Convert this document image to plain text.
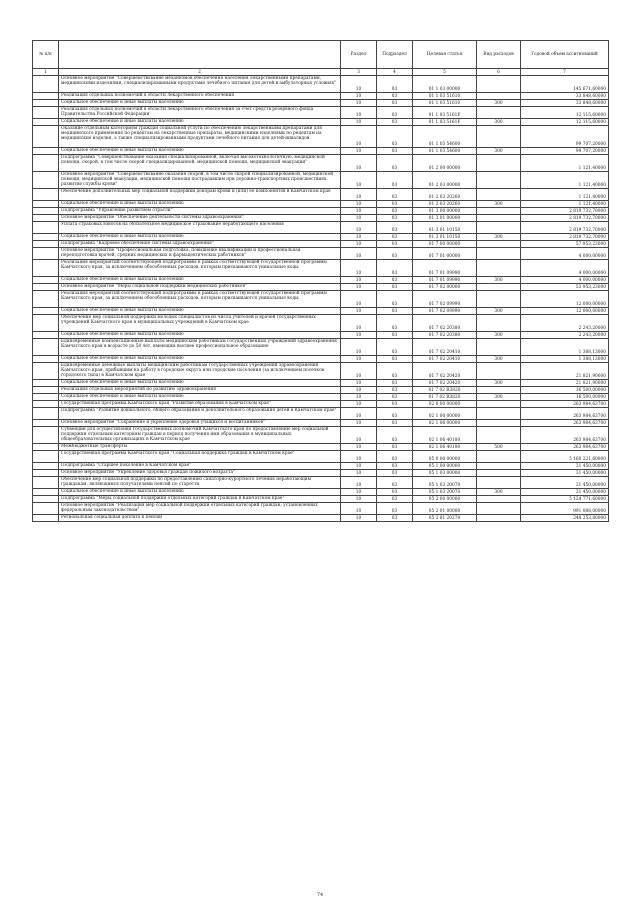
№ п/п		Раздел	Подраздел	Целевая статья	Вид расходов	Годовой объем ассигнований
1	2	3	4	5	6	7
	Основное мероприятие "Совершенствование механизмов обеспечения населения лекарственными препаратами, медицинскими изделиями, специализированными продуктами лечебного питания для детей в амбулаторных условиях"	10	03	01 1 03 00000		145 671,60000
	Реализация отдельных полномочий в области лекарственного обеспечения	10	03	01 1 03 51610		33 848,60000
	Социальное обеспечение и иные выплаты населению	10	03	01 1 03 51610	300	33 848,60000
	Реализация отдельных полномочий в области лекарственного обеспечения за счет средств резервного фонда Правительства Российской Федерации	10	03	01 1 03 5161F		12 115,60000
	Социальное обеспечение и иные выплаты населению	10	03	01 1 03 5161F	300	12 115,60000
	Оказание отдельным категориям граждан социальной услуги по обеспечению лекарственными препаратами для медицинского применения по рецептам на лекарственные препараты, медицинскими изделиями по рецептам на медицинские изделия, а также специализированными продуктами лечебного питания для детей-инвалидов	10	03	01 1 03 54600		99 707,20000
	Социальное обеспечение и иные выплаты населению	10	03	01 1 03 54600	300	99 707,20000
	Подпрограмма "Совершенствование оказания специализированной, включая высокотехнологичную, медицинской помощи, скорой, в том числе скорой специализированной, медицинской помощи, медицинской эвакуации"	10	03	01 2 00 00000		1 121,40000
	Основное мероприятие "Совершенствование оказания скорой, в том числе скорой специализированной, медицинской помощи, медицинской эвакуации, медицинской помощи пострадавшим при дорожно-транспортных происшествиях, развития службы крови"	10	03	01 2 03 00000		1 121,40000
	Обеспечение дополнительных мер социальной поддержки донорам крови и (или) ее компонентов в Камчатском крае	10	03	01 2 03 20260		1 121,40000
	Социальное обеспечение и иные выплаты населению	10	03	01 2 03 20260	300	1 121,40000
	Подпрограмма "Управление развитием отрасли"	10	03	01 3 00 00000		2 819 732,70000
	Основное мероприятие "Обеспечение деятельности системы здравоохранения"	10	03	01 3 01 00000		2 819 732,70000
	Уплата страховых взносов на обязательное медицинское страхование неработающего населения	10	03	01 3 01 10150		2 819 732,70000
	Социальное обеспечение и иные выплаты населению	10	03	01 3 01 10150	300	2 819 732,70000
	Подпрограмма "Кадровое обеспечение системы здравоохранения"	10	03	01 7 00 00000		57 953,23000
	Основное мероприятие "Профессиональная подготовка, повышение квалификации и профессиональная переподготовка врачей, средних медицинских и фармацевтических работников"	10	03	01 7 01 00000		4 000,00000
	Реализация мероприятий соответствующей подпрограммы в рамках соответствующей государственной программы Камчатского края, за исключением обособленных расходов, которым присваиваются уникальные коды	10	03	01 7 01 09990		4 000,00000
	Социальное обеспечение и иные выплаты населению	10	03	01 7 01 09990	300	4 000,00000
	Основное мероприятие "Меры социальной поддержки медицинских работников"	10	03	01 7 02 00000		53 953,23000
	Реализация мероприятий соответствующей подпрограммы в рамках соответствующей государственной программы Камчатского края, за исключением обособленных расходов, которым присваиваются уникальные коды	10	03	01 7 02 09990		12 000,00000
	Социальное обеспечение и иные выплаты населению	10	03	01 7 02 09990	300	12 000,00000
	Обеспечение мер социальной поддержки молодых специалистов из числа учителей и врачей государственных учреждений Камчатского края в муниципальных учреждений в Камчатском крае	10	03	01 7 02 20380		2 243,20000
	Социальное обеспечение и иные выплаты населению	10	03	01 7 02 20380	300	2 243,20000
	Единовременные компенсационные выплаты медицинским работникам государственных учреждений здравоохранения Камчатского края в возрасте до 50 лет, имеющим высшее профессиональное образование	10	03	01 7 02 20410		1 388,13000
	Социальное обеспечение и иные выплаты населению	10	03	01 7 02 20410	300	1 388,13000
	Единовременные денежные выплаты медицинским работникам государственных учреждений здравоохранения Камчатского края, прибывшим на работу в городские округа или городские поселения (за исключением поселков городского типа) в Камчатском крае	10	03	01 7 02 20420		21 821,90000
	Социальное обеспечение и иные выплаты населению	10	03	01 7 02 20420	300	21 821,90000
	Реализация отдельных мероприятий по развитию здравоохранения	10	03	01 7 02 R3820		16 500,00000
	Социальное обеспечение и иные выплаты населению	10	03	01 7 02 R3820	300	16 500,00000
	Государственная программа Камчатского края "Развитие образования в Камчатском крае"	10	03	02 0 00 00000		263 984,63700
	Подпрограмма "Развитие дошкольного, общего образования и дополнительного образования детей в Камчатском крае"	10	03	02 1 00 00000		263 984,63700
	Основное мероприятие "Сохранение и укрепление здоровья учащихся и воспитанников"	10	03	02 1 06 00000		263 984,63700
	Субвенции для осуществления государственных полномочий Камчатского края по предоставлению мер социальной поддержки отдельным категориям граждан в период получения ими образования в муниципальных общеобразовательных организациях в Камчатском крае	10	03	02 1 06 40180		263 984,63700
	Межбюджетные трансферты	10	03	02 1 06 40180	500	263 984,63700
	Государственная программа Камчатского края "Социальная поддержка граждан в Камчатском крае"	10	03	05 0 00 00000		5 160 221,60000
	Подпрограмма "Старшее поколение в Камчатском крае"	10	03	05 1 00 00000		31 450,00000
	Основное мероприятие "Укрепление здоровья граждан пожилого возраста"	10	03	05 1 03 00000		31 450,00000
	Обеспечение мер социальной поддержки по предоставлению санаторно-курортного лечения неработающим гражданам, являющимся получателями пенсий по старости	10	03	05 1 03 20070		31 450,00000
	Социальное обеспечение и иные выплаты населению	10	03	05 1 03 20070	300	31 450,00000
	Подпрограмма "Меры социальной поддержки отдельных категорий граждан в Камчатском крае"	10	03	05 2 00 00000		5 124 771,60000
	Основное мероприятие "Реализация мер социальной поддержки отдельных категорий граждан, установленных федеральным законодательством"	10	03	05 2 01 00000		991 088,00000
	Региональная социальная доплата к пенсии	10	03	05 2 01 20270		248 253,80000
74
